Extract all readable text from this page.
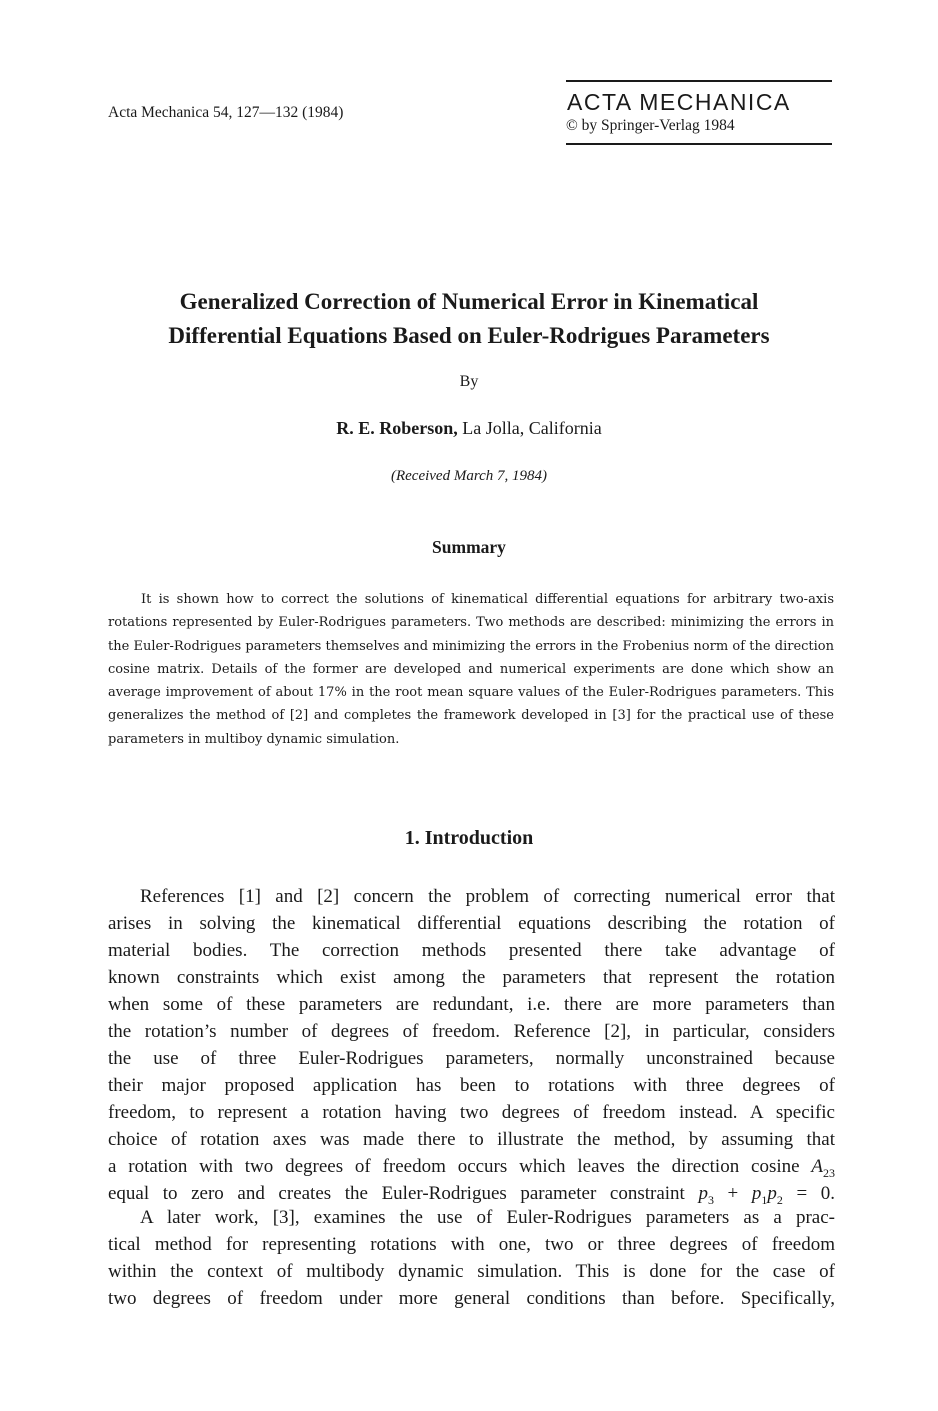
Acta Mechanica 54, 127—132 (1984)	ACTA MECHANICA
© by Springer-Verlag 1984
Generalized Correction of Numerical Error in Kinematical
Differential Equations Based on Euler-Rodrigues Parameters
By
R. E. Roberson, La Jolla, California
(Received March 7, 1984)
Summary

It is shown how to correct the solutions of kinematical differential equations for arbitrary two-axis rotations represented by Euler-Rodrigues parameters. Two methods are described: minimizing the errors in the Euler-Rodrigues parameters themselves and minimizing the errors in the Frobenius norm of the direction cosine matrix. Details of the former are developed and numerical experiments are done which show an average improvement of about 17% in the root mean square values of the Euler-Rodrigues parameters. This generalizes the method of [2] and completes the framework developed in [3] for the practical use of these parameters in multiboy dynamic simulation.

1. Introduction
References [1] and [2] concern the problem of correcting numerical error that
arises in solving the kinematical differential equations describing the rotation of
material bodies. The correction methods presented there take advantage of
known constraints which exist among the parameters that represent the rotation
when some of these parameters are redundant, i.e. there are more parameters than
the rotation’s number of degrees of freedom. Reference [2], in particular, considers
the use of three Euler-Rodrigues parameters, normally unconstrained because
their major proposed application has been to rotations with three degrees of
freedom, to represent a rotation having two degrees of freedom instead. A specific
choice of rotation axes was made there to illustrate the method, by assuming that
a rotation with two degrees of freedom occurs which leaves the direction cosine $A_{23}$
equal to zero and creates the Euler-Rodrigues parameter constraint $p_3 + p_1p_2 = 0$.
A later work, [3], examines the use of Euler-Rodrigues parameters as a prac-
tical method for representing rotations with one, two or three degrees of freedom
within the context of multibody dynamic simulation. This is done for the case of
two degrees of freedom under more general conditions than before. Specifically,
